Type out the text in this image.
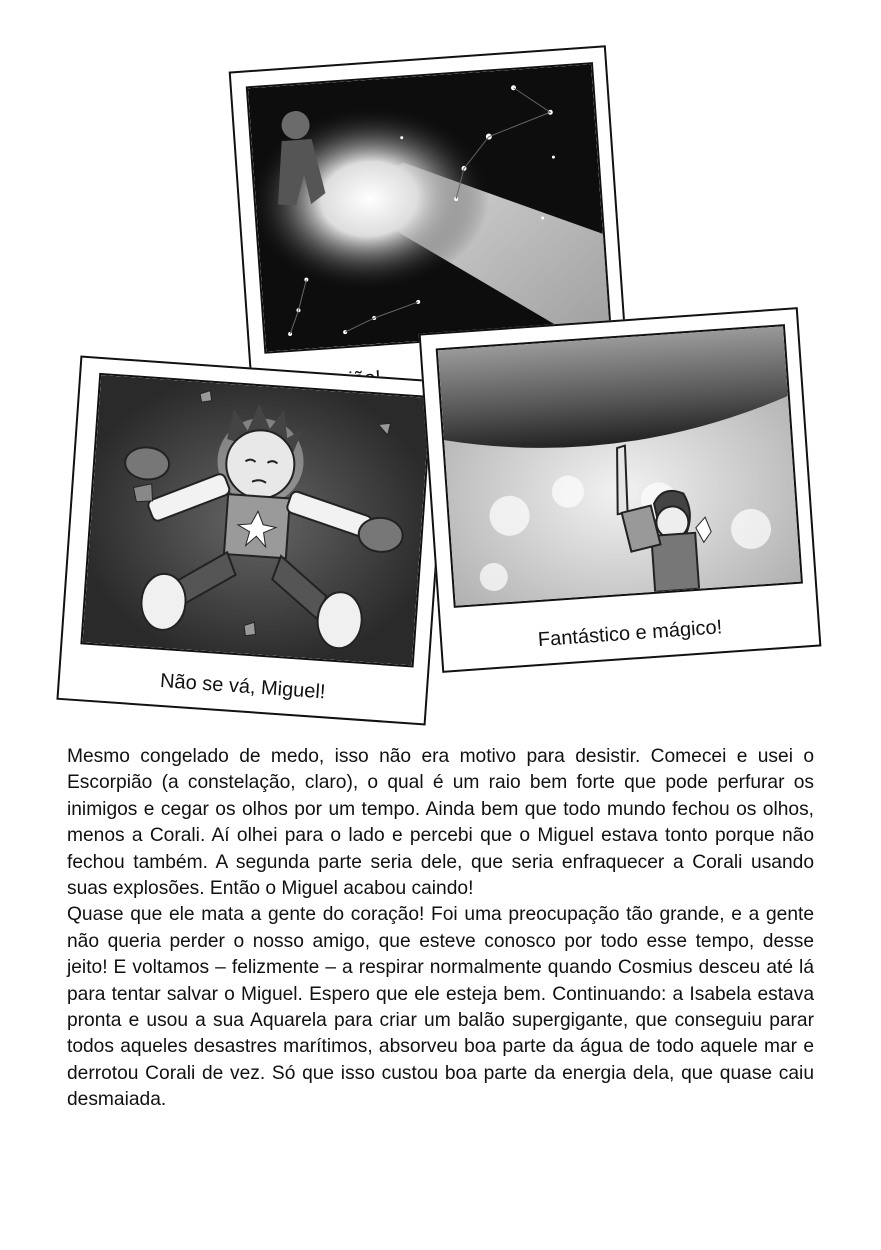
Não se vá, Miguel!
Fantástico e mágico!

Mesmo congelado de medo, isso não era motivo para desistir. Comecei e usei o Escorpião (a constelação, claro), o qual é um raio bem forte que pode perfurar os inimigos e cegar os olhos por um tempo. Ainda bem que todo mundo fechou os olhos, menos a Corali. Aí olhei para o lado e percebi que o Miguel estava tonto porque não fechou também. A segunda parte seria dele, que seria enfraquecer a Corali usando suas explosões. Então o Miguel acabou caindo!

Quase que ele mata a gente do coração! Foi uma preocupação tão grande, e a gente não queria perder o nosso amigo, que esteve conosco por todo esse tempo, desse jeito! E voltamos – felizmente – a respirar normalmente quando Cosmius desceu até lá para tentar salvar o Miguel. Espero que ele esteja bem. Continuando: a Isabela estava pronta e usou a sua Aquarela para criar um balão supergigante, que conseguiu parar todos aqueles desastres marítimos, absorveu boa parte da água de todo aquele mar e derrotou Corali de vez. Só que isso custou boa parte da energia dela, que quase caiu desmaiada.
